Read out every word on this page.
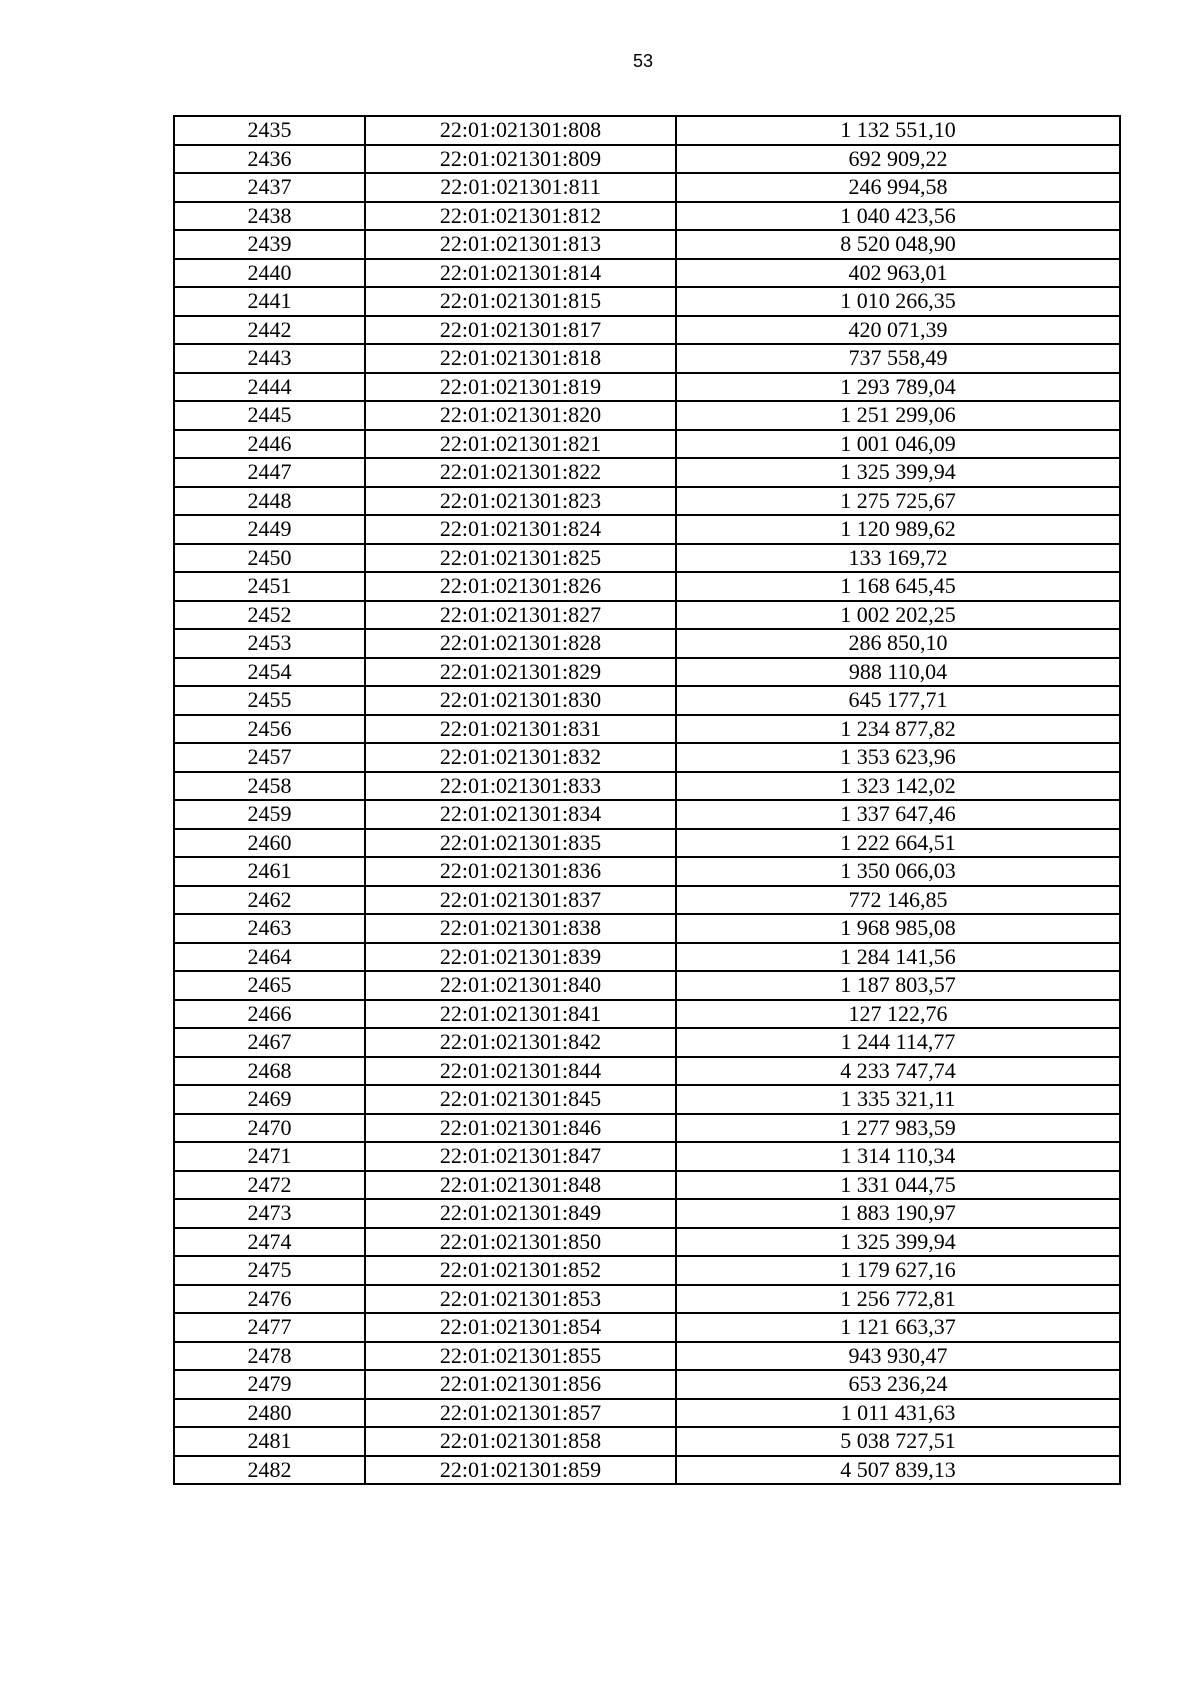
53
2435	22:01:021301:808	1 132 551,10
2436	22:01:021301:809	692 909,22
2437	22:01:021301:811	246 994,58
2438	22:01:021301:812	1 040 423,56
2439	22:01:021301:813	8 520 048,90
2440	22:01:021301:814	402 963,01
2441	22:01:021301:815	1 010 266,35
2442	22:01:021301:817	420 071,39
2443	22:01:021301:818	737 558,49
2444	22:01:021301:819	1 293 789,04
2445	22:01:021301:820	1 251 299,06
2446	22:01:021301:821	1 001 046,09
2447	22:01:021301:822	1 325 399,94
2448	22:01:021301:823	1 275 725,67
2449	22:01:021301:824	1 120 989,62
2450	22:01:021301:825	133 169,72
2451	22:01:021301:826	1 168 645,45
2452	22:01:021301:827	1 002 202,25
2453	22:01:021301:828	286 850,10
2454	22:01:021301:829	988 110,04
2455	22:01:021301:830	645 177,71
2456	22:01:021301:831	1 234 877,82
2457	22:01:021301:832	1 353 623,96
2458	22:01:021301:833	1 323 142,02
2459	22:01:021301:834	1 337 647,46
2460	22:01:021301:835	1 222 664,51
2461	22:01:021301:836	1 350 066,03
2462	22:01:021301:837	772 146,85
2463	22:01:021301:838	1 968 985,08
2464	22:01:021301:839	1 284 141,56
2465	22:01:021301:840	1 187 803,57
2466	22:01:021301:841	127 122,76
2467	22:01:021301:842	1 244 114,77
2468	22:01:021301:844	4 233 747,74
2469	22:01:021301:845	1 335 321,11
2470	22:01:021301:846	1 277 983,59
2471	22:01:021301:847	1 314 110,34
2472	22:01:021301:848	1 331 044,75
2473	22:01:021301:849	1 883 190,97
2474	22:01:021301:850	1 325 399,94
2475	22:01:021301:852	1 179 627,16
2476	22:01:021301:853	1 256 772,81
2477	22:01:021301:854	1 121 663,37
2478	22:01:021301:855	943 930,47
2479	22:01:021301:856	653 236,24
2480	22:01:021301:857	1 011 431,63
2481	22:01:021301:858	5 038 727,51
2482	22:01:021301:859	4 507 839,13
